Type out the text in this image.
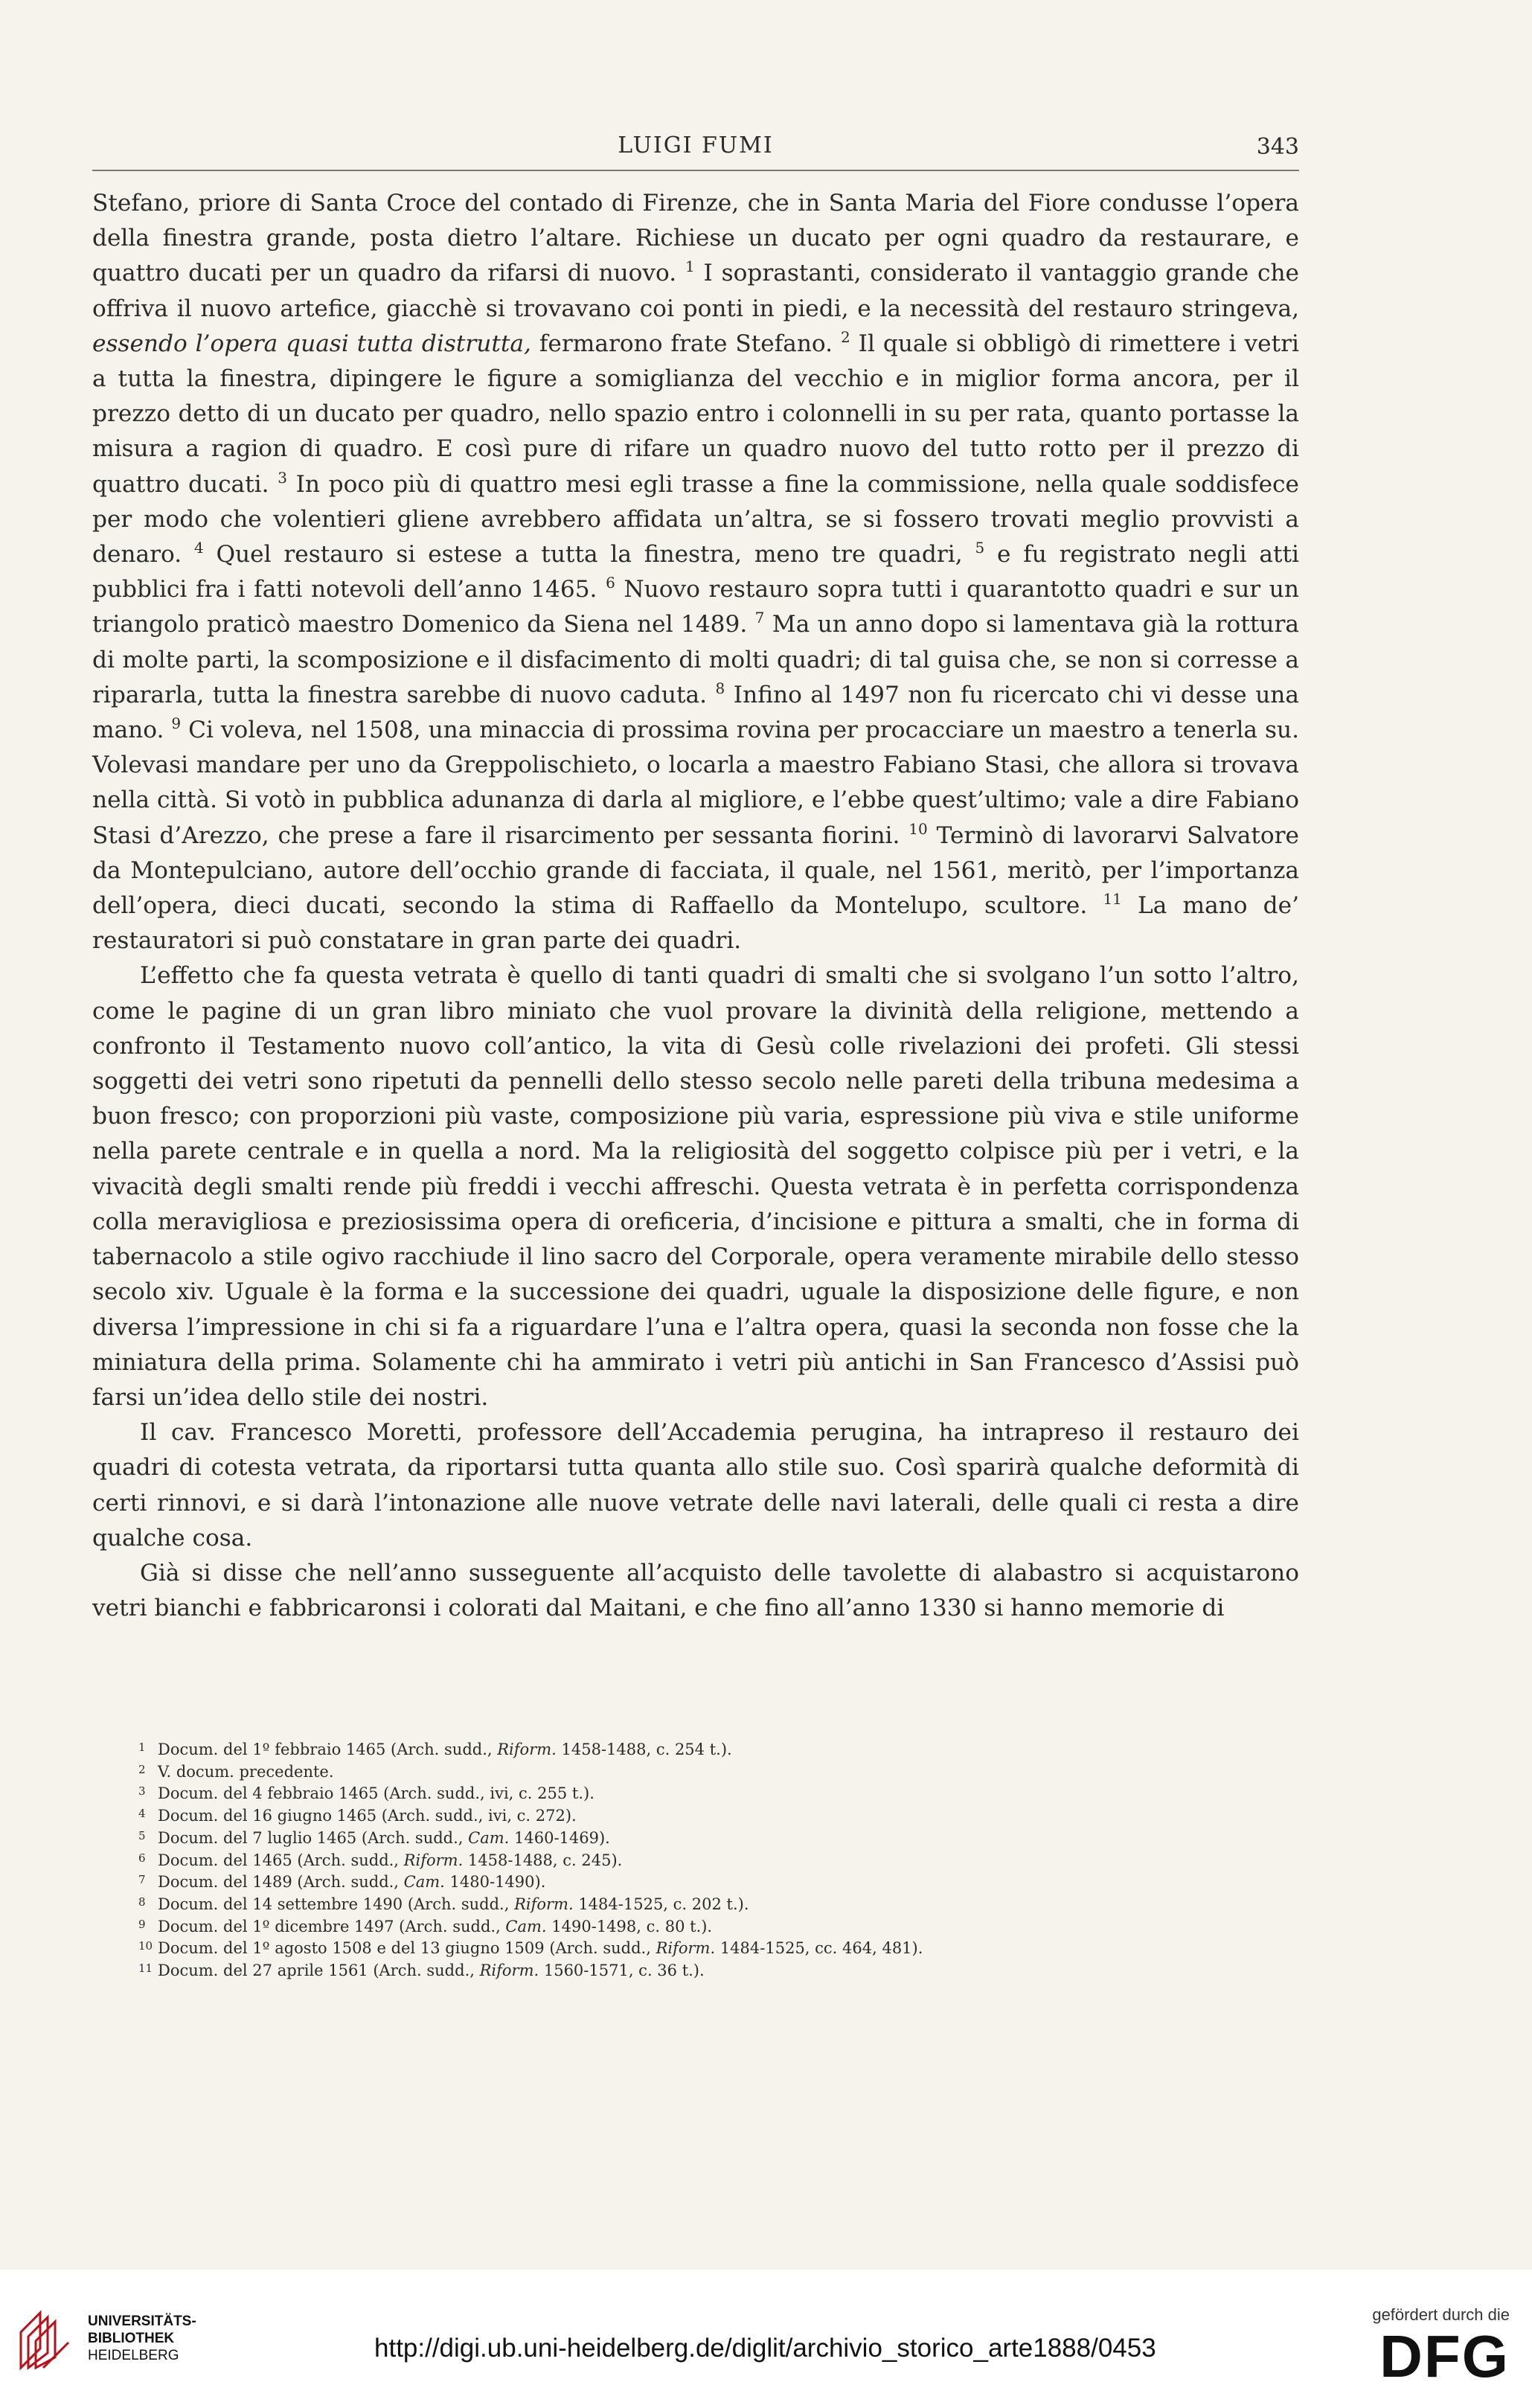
LUIGI FUMI	343

Stefano, priore di Santa Croce del contado di Firenze, che in Santa Maria del Fiore condusse l’opera della finestra grande, posta dietro l’altare. Richiese un ducato per ogni quadro da restaurare, e quattro ducati per un quadro da rifarsi di nuovo. $^1$ I soprastanti, considerato il vantaggio grande che offriva il nuovo artefice, giacchè si trovavano coi ponti in piedi, e la necessità del restauro stringeva, essendo l’opera quasi tutta distrutta, fermarono frate Stefano. $^2$ Il quale si obbligò di rimettere i vetri a tutta la finestra, dipingere le figure a somiglianza del vecchio e in miglior forma ancora, per il prezzo detto di un ducato per quadro, nello spazio entro i colonnelli in su per rata, quanto portasse la misura a ragion di quadro. E così pure di rifare un quadro nuovo del tutto rotto per il prezzo di quattro ducati. $^3$ In poco più di quattro mesi egli trasse a fine la commissione, nella quale soddisfece per modo che volentieri gliene avrebbero affidata un’altra, se si fossero trovati meglio provvisti a denaro. $^4$ Quel restauro si estese a tutta la finestra, meno tre quadri, $^5$ e fu registrato negli atti pubblici fra i fatti notevoli dell’anno 1465. $^6$ Nuovo restauro sopra tutti i quarantotto quadri e sur un triangolo praticò maestro Domenico da Siena nel 1489. $^7$ Ma un anno dopo si lamentava già la rottura di molte parti, la scomposizione e il disfacimento di molti quadri; di tal guisa che, se non si corresse a ripararla, tutta la finestra sarebbe di nuovo caduta. $^8$ Infino al 1497 non fu ricercato chi vi desse una mano. $^9$ Ci voleva, nel 1508, una minaccia di prossima rovina per procacciare un maestro a tenerla su. Volevasi mandare per uno da Greppolischieto, o locarla a maestro Fabiano Stasi, che allora si trovava nella città. Si votò in pubblica adunanza di darla al migliore, e l’ebbe quest’ultimo; vale a dire Fabiano Stasi d’Arezzo, che prese a fare il risarcimento per sessanta fiorini. $^{10}$ Terminò di lavorarvi Salvatore da Montepulciano, autore dell’occhio grande di facciata, il quale, nel 1561, meritò, per l’importanza dell’opera, dieci ducati, secondo la stima di Raffaello da Montelupo, scultore. $^{11}$ La mano de’ restauratori si può constatare in gran parte dei quadri.

L’effetto che fa questa vetrata è quello di tanti quadri di smalti che si svolgano l’un sotto l’altro, come le pagine di un gran libro miniato che vuol provare la divinità della religione, mettendo a confronto il Testamento nuovo coll’antico, la vita di Gesù colle rivelazioni dei profeti. Gli stessi soggetti dei vetri sono ripetuti da pennelli dello stesso secolo nelle pareti della tribuna medesima a buon fresco; con proporzioni più vaste, composizione più varia, espressione più viva e stile uniforme nella parete centrale e in quella a nord. Ma la religiosità del soggetto colpisce più per i vetri, e la vivacità degli smalti rende più freddi i vecchi affreschi. Questa vetrata è in perfetta corrispondenza colla meravigliosa e preziosissima opera di oreficeria, d’incisione e pittura a smalti, che in forma di tabernacolo a stile ogivo racchiude il lino sacro del Corporale, opera veramente mirabile dello stesso secolo xiv. Uguale è la forma e la successione dei quadri, uguale la disposizione delle figure, e non diversa l’impressione in chi si fa a riguardare l’una e l’altra opera, quasi la seconda non fosse che la miniatura della prima. Solamente chi ha ammirato i vetri più antichi in San Francesco d’Assisi può farsi un’idea dello stile dei nostri.

Il cav. Francesco Moretti, professore dell’Accademia perugina, ha intrapreso il restauro dei quadri di cotesta vetrata, da riportarsi tutta quanta allo stile suo. Così sparirà qualche deformità di certi rinnovi, e si darà l’intonazione alle nuove vetrate delle navi laterali, delle quali ci resta a dire qualche cosa.

Già si disse che nell’anno susseguente all’acquisto delle tavolette di alabastro si acquistarono vetri bianchi e fabbricaronsi i colorati dal Maitani, e che fino all’anno 1330 si hanno memorie di

1 Docum. del 1º febbraio 1465 (Arch. sudd., Riform. 1458-1488, c. 254 t.).
2 V. docum. precedente.
3 Docum. del 4 febbraio 1465 (Arch. sudd., ivi, c. 255 t.).
4 Docum. del 16 giugno 1465 (Arch. sudd., ivi, c. 272).
5 Docum. del 7 luglio 1465 (Arch. sudd., Cam. 1460-1469).
6 Docum. del 1465 (Arch. sudd., Riform. 1458-1488, c. 245).
7 Docum. del 1489 (Arch. sudd., Cam. 1480-1490).
8 Docum. del 14 settembre 1490 (Arch. sudd., Riform. 1484-1525, c. 202 t.).
9 Docum. del 1º dicembre 1497 (Arch. sudd., Cam. 1490-1498, c. 80 t.).
10 Docum. del 1º agosto 1508 e del 13 giugno 1509 (Arch. sudd., Riform. 1484-1525, cc. 464, 481).
11 Docum. del 27 aprile 1561 (Arch. sudd., Riform. 1560-1571, c. 36 t.).
UNIVERSITÄTS-
BIBLIOTHEK
HEIDELBERG	http://digi.ub.uni-heidelberg.de/diglit/archivio_storico_arte1888/0453
gefördert durch die
DFG
